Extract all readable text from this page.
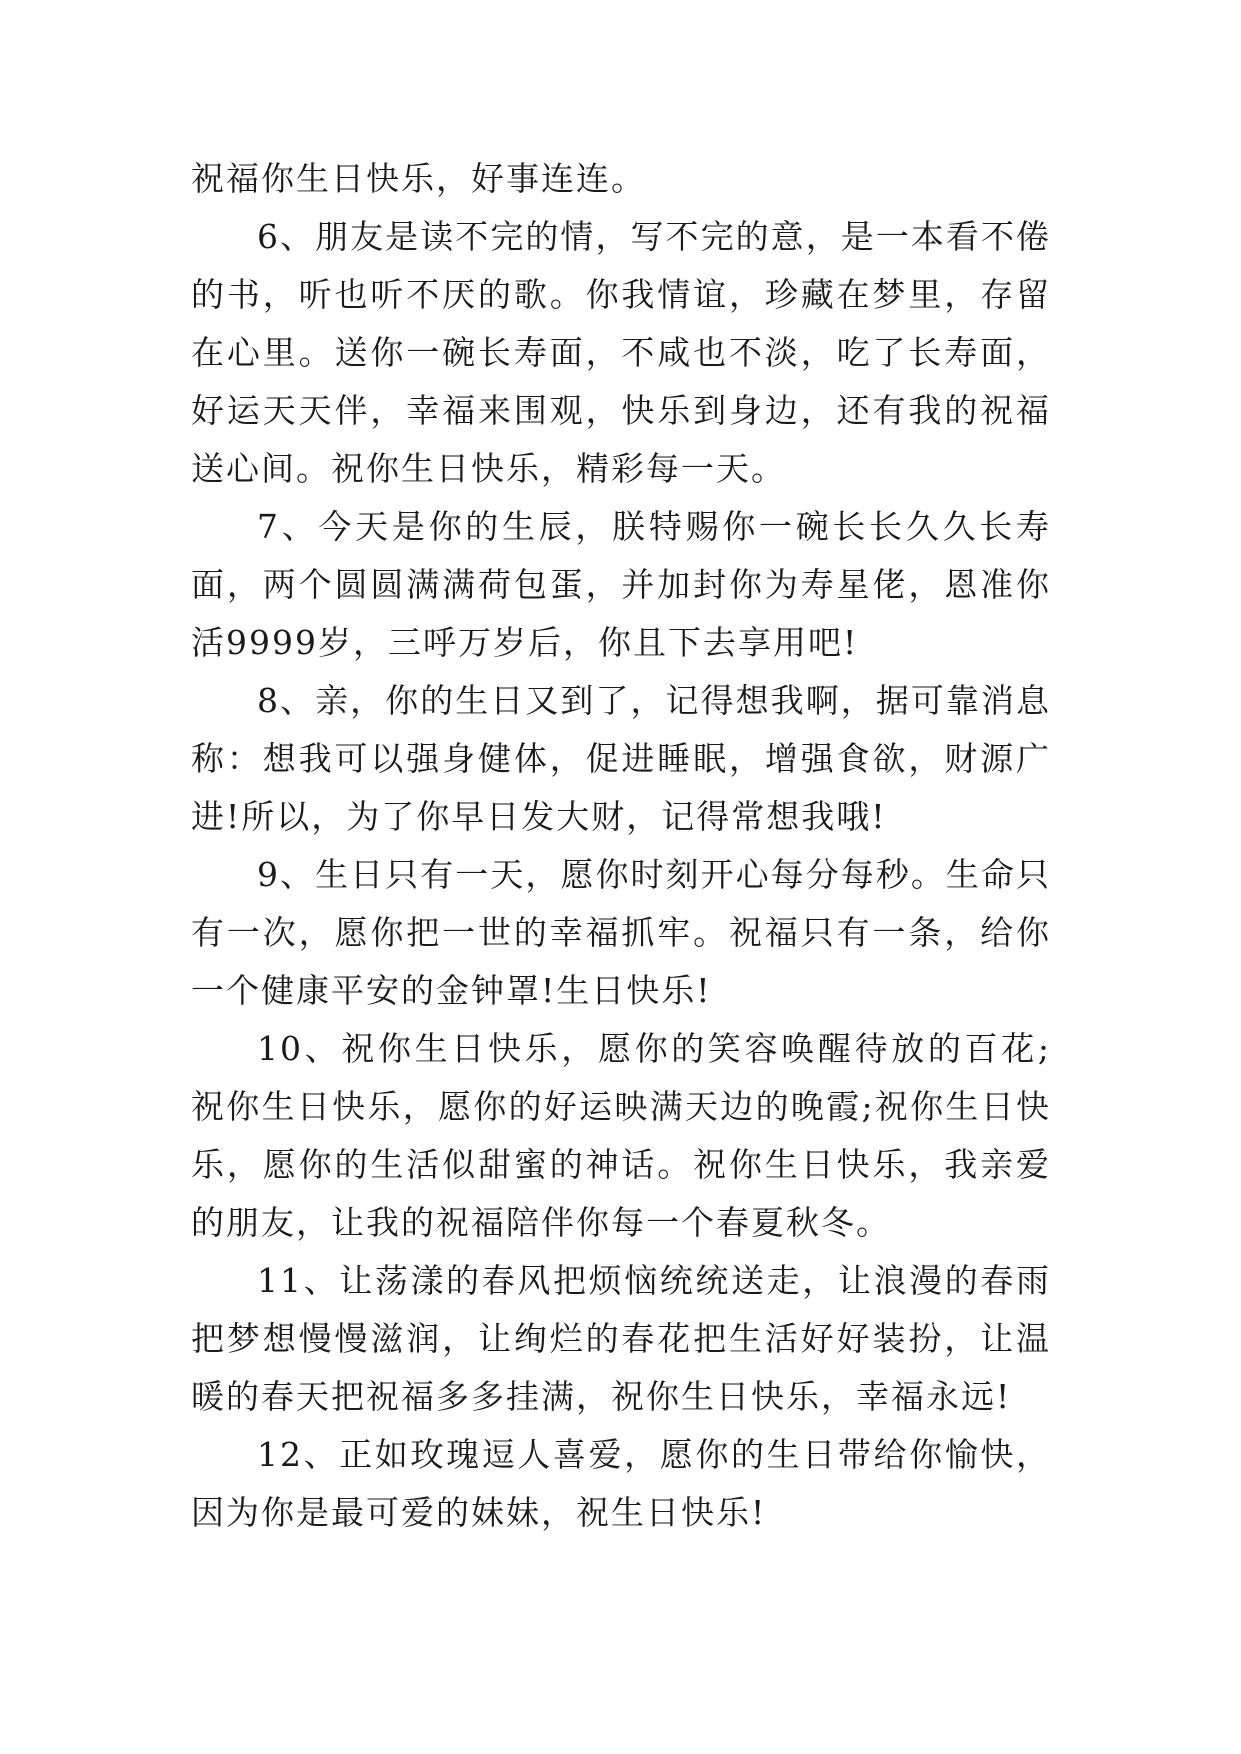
祝福你生日快乐，好事连连。

6、朋友是读不完的情，写不完的意，是一本看不倦的书，听也听不厌的歌。你我情谊，珍藏在梦里，存留在心里。送你一碗长寿面，不咸也不淡，吃了长寿面，好运天天伴，幸福来围观，快乐到身边，还有我的祝福送心间。祝你生日快乐，精彩每一天。

7、今天是你的生辰，朕特赐你一碗长长久久长寿面，两个圆圆满满荷包蛋，并加封你为寿星佬，恩准你活9999岁，三呼万岁后，你且下去享用吧!

8、亲，你的生日又到了，记得想我啊，据可靠消息称：想我可以强身健体，促进睡眠，增强食欲，财源广进!所以，为了你早日发大财，记得常想我哦!

9、生日只有一天，愿你时刻开心每分每秒。生命只有一次，愿你把一世的幸福抓牢。祝福只有一条，给你一个健康平安的金钟罩!生日快乐!

10、祝你生日快乐，愿你的笑容唤醒待放的百花;祝你生日快乐，愿你的好运映满天边的晚霞;祝你生日快乐，愿你的生活似甜蜜的神话。祝你生日快乐，我亲爱的朋友，让我的祝福陪伴你每一个春夏秋冬。

11、让荡漾的春风把烦恼统统送走，让浪漫的春雨把梦想慢慢滋润，让绚烂的春花把生活好好装扮，让温暖的春天把祝福多多挂满，祝你生日快乐，幸福永远!

12、正如玫瑰逗人喜爱，愿你的生日带给你愉快，因为你是最可爱的妹妹，祝生日快乐!
